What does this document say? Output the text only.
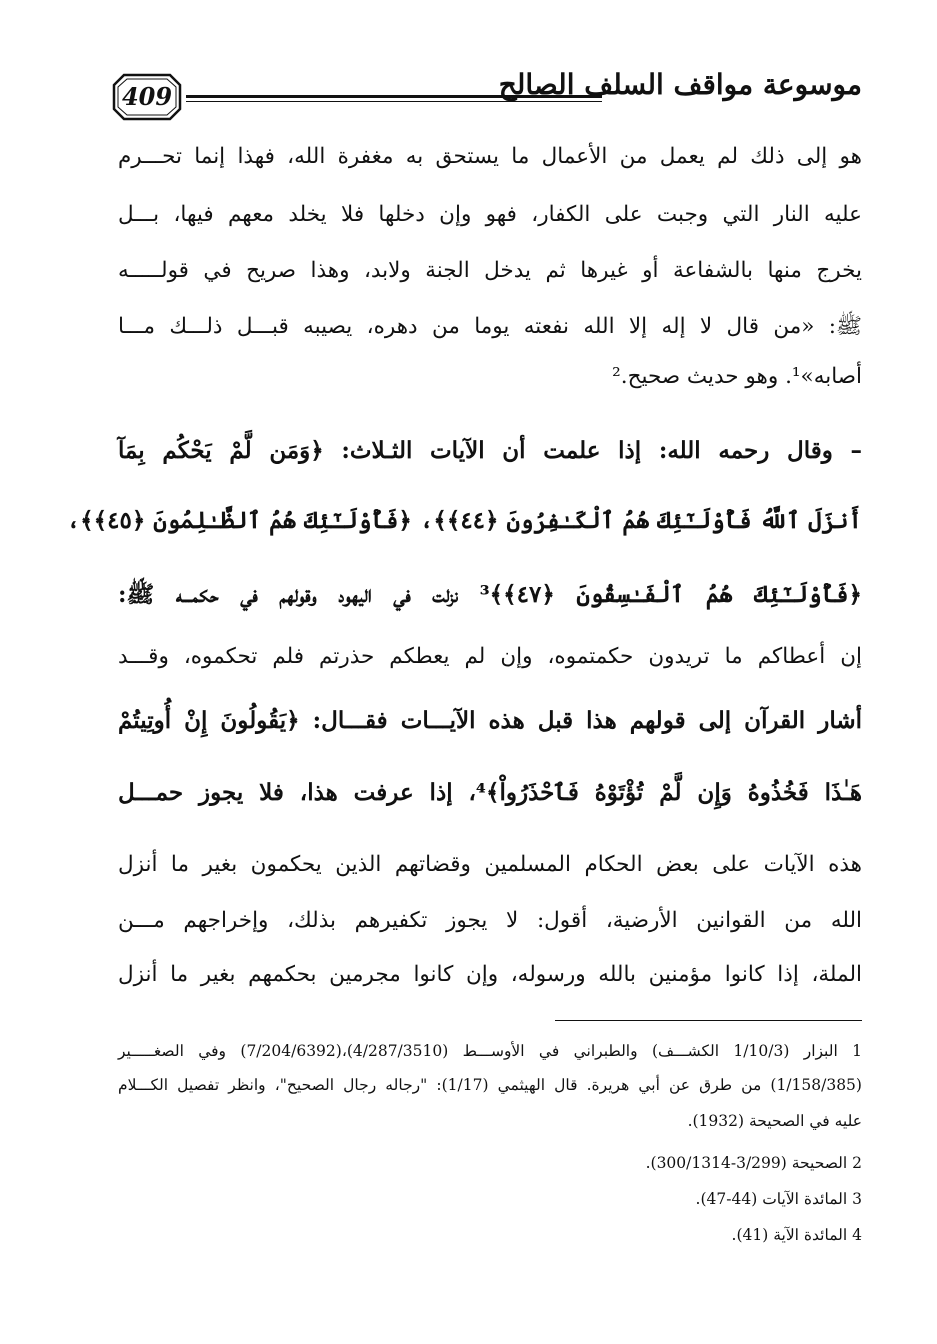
409	موسوعة مواقف السلف الصالح
هو إلى ذلك لم يعمل من الأعمال ما يستحق به مغفرة الله، فهذا إنما تحـــرم
عليه النار التي وجبت على الكفار، فهو وإن دخلها فلا يخلد معهم فيها، بـــل
يخرج منها بالشفاعة أو غيرها ثم يدخل الجنة ولابد، وهذا صريح في قولـــــه
ﷺ: «من قال لا إله إلا الله نفعته يوما من دهره، يصيبه قبـــل ذلـــك مـــا
أصابه»¹. وهو حديث صحيح.²
– وقال رحمه الله: إذا علمت أن الآيات الثـلاث: ﴿وَمَن لَّمْ يَحْكُم بِمَآ
أَنزَلَ ٱللَّهُ فَأُوْلَـٰٓئِكَ هُمُ ٱلْكَـٰفِرُونَ ﴿٤٤﴾﴾، ﴿فَأُوْلَـٰٓئِكَ هُمُ ٱلظَّـٰلِمُونَ ﴿٤٥﴾﴾،
﴿فَأُوْلَـٰٓئِكَ هُمُ ٱلْفَـٰسِقُونَ ﴿٤٧﴾﴾³ نزلت في اليهود وقولهم في حكمـــه ﷺ:
إن أعطاكم ما تريدون حكمتموه، وإن لم يعطكم حذرتم فلم تحكموه، وقـــد
أشار القرآن إلى قولهم هذا قبل هذه الآيـــات فقـــال: ﴿يَقُولُونَ إِنْ أُوتِيتُمْ
هَـٰذَا فَخُذُوهُ وَإِن لَّمْ تُؤْتَوْهُ فَٱحْذَرُواْ﴾⁴، إذا عرفت هذا، فلا يجوز حمـــل
هذه الآيات على بعض الحكام المسلمين وقضاتهم الذين يحكمون بغير ما أنزل
الله من القوانين الأرضية، أقول: لا يجوز تكفيرهم بذلك، وإخراجهم مـــن
الملة، إذا كانوا مؤمنين بالله ورسوله، وإن كانوا مجرمين بحكمهم بغير ما أنزل
1 البزار (1/10/3 الكشـــف) والطبراني في الأوســـط (4/287/3510)،(7/204/6392) وفي الصغـــــير
(1/158/385) من طرق عن أبي هريرة. قال الهيثمي (1/17): "رجاله رجال الصحيح"، وانظر تفصيل الكـــلام
عليه في الصحيحة (1932).
2 الصحيحة (3/299-300/1314).
3 المائدة الآيات (44-47).
4 المائدة الآية (41).
